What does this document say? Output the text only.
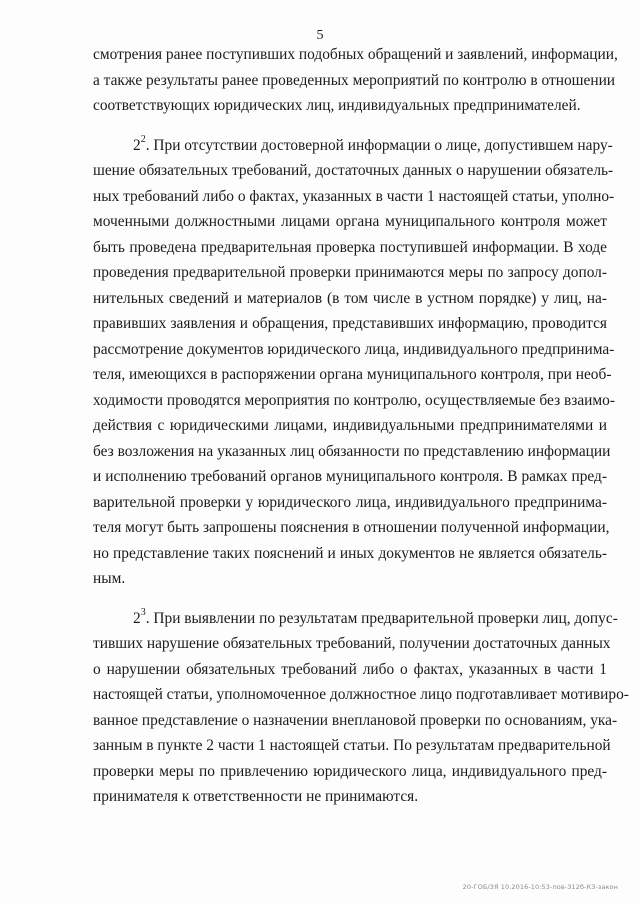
5
смотрения ранее поступивших подобных обращений и заявлений, информации,
а также результаты ранее проведенных мероприятий по контролю в отношении
соответствующих юридических лиц, индивидуальных предпринимателей.
$2^2$. При отсутствии достоверной информации о лице, допустившем нару-
шение обязательных требований, достаточных данных о нарушении обязатель-
ных требований либо о фактах, указанных в части 1 настоящей статьи, уполно-
моченными должностными лицами органа муниципального контроля может
быть проведена предварительная проверка поступившей информации. В ходе
проведения предварительной проверки принимаются меры по запросу допол-
нительных сведений и материалов (в том числе в устном порядке) у лиц, на-
правивших заявления и обращения, представивших информацию, проводится
рассмотрение документов юридического лица, индивидуального предпринима-
теля, имеющихся в распоряжении органа муниципального контроля, при необ-
ходимости проводятся мероприятия по контролю, осуществляемые без взаимо-
действия с юридическими лицами, индивидуальными предпринимателями и
без возложения на указанных лиц обязанности по представлению информации
и исполнению требований органов муниципального контроля. В рамках пред-
варительной проверки у юридического лица, индивидуального предпринима-
теля могут быть запрошены пояснения в отношении полученной информации,
но представление таких пояснений и иных документов не является обязатель-
ным.
$2^3$. При выявлении по результатам предварительной проверки лиц, допус-
тивших нарушение обязательных требований, получении достаточных данных
о нарушении обязательных требований либо о фактах, указанных в части 1
настоящей статьи, уполномоченное должностное лицо подготавливает мотивиро-
ванное представление о назначении внеплановой проверки по основаниям, ука-
занным в пункте 2 части 1 настоящей статьи. По результатам предварительной
проверки меры по привлечению юридического лица, индивидуального пред-
принимателя к ответственности не принимаются.
20-ГОБ/ЗЯ 10.2016-10:53-пов-312б-К3-закон
